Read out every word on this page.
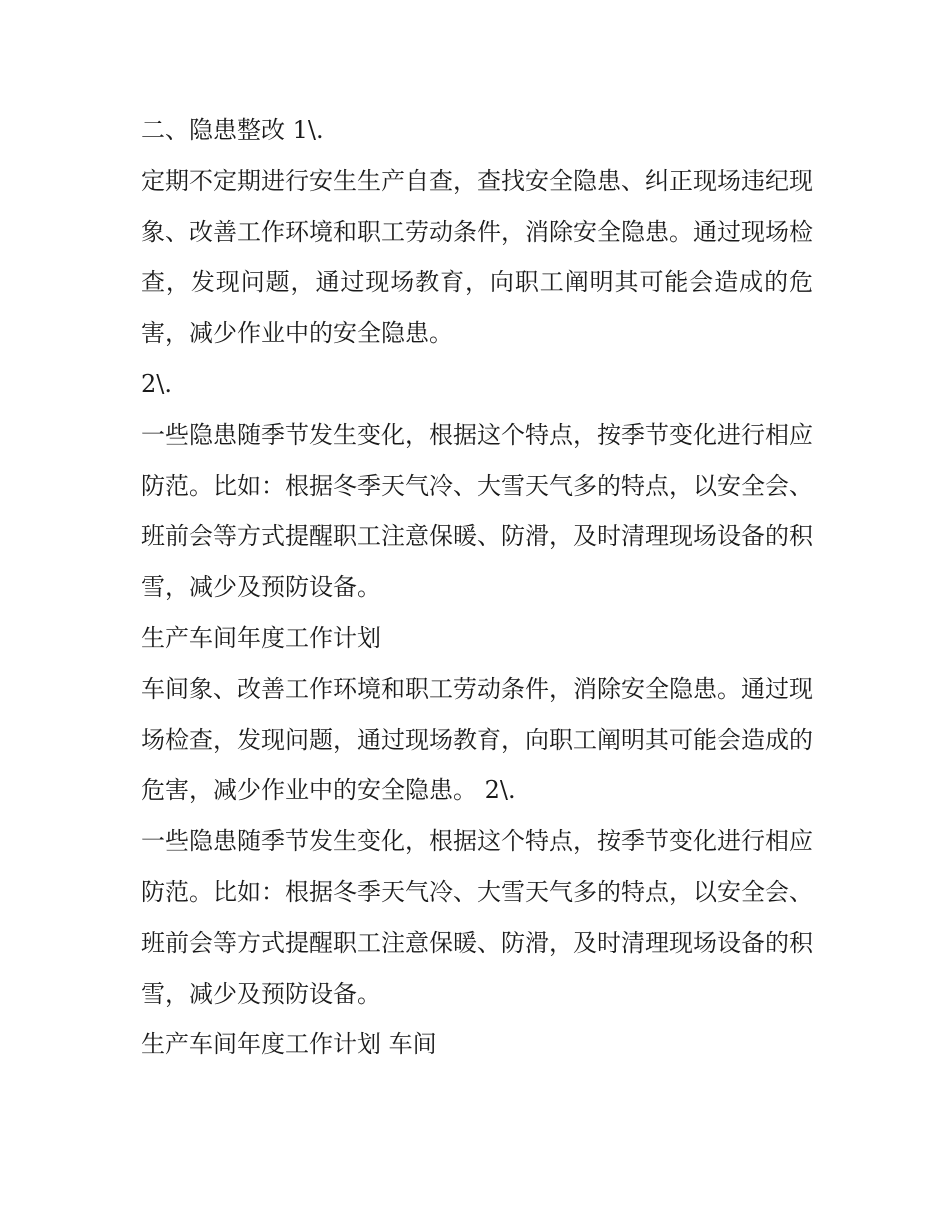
二、隐患整改 1\.
定期不定期进行安生生产自查，查找安全隐患、纠正现场违纪现象、改善工作环境和职工劳动条件，消除安全隐患。通过现场检查，发现问题，通过现场教育，向职工阐明其可能会造成的危害，减少作业中的安全隐患。
2\.
一些隐患随季节发生变化，根据这个特点，按季节变化进行相应防范。比如：根据冬季天气冷、大雪天气多的特点，以安全会、班前会等方式提醒职工注意保暖、防滑，及时清理现场设备的积雪，减少及预防设备。
生产车间年度工作计划
车间象、改善工作环境和职工劳动条件，消除安全隐患。通过现场检查，发现问题，通过现场教育，向职工阐明其可能会造成的危害，减少作业中的安全隐患。 2\.
一些隐患随季节发生变化，根据这个特点，按季节变化进行相应防范。比如：根据冬季天气冷、大雪天气多的特点，以安全会、班前会等方式提醒职工注意保暖、防滑，及时清理现场设备的积雪，减少及预防设备。
生产车间年度工作计划 车间
